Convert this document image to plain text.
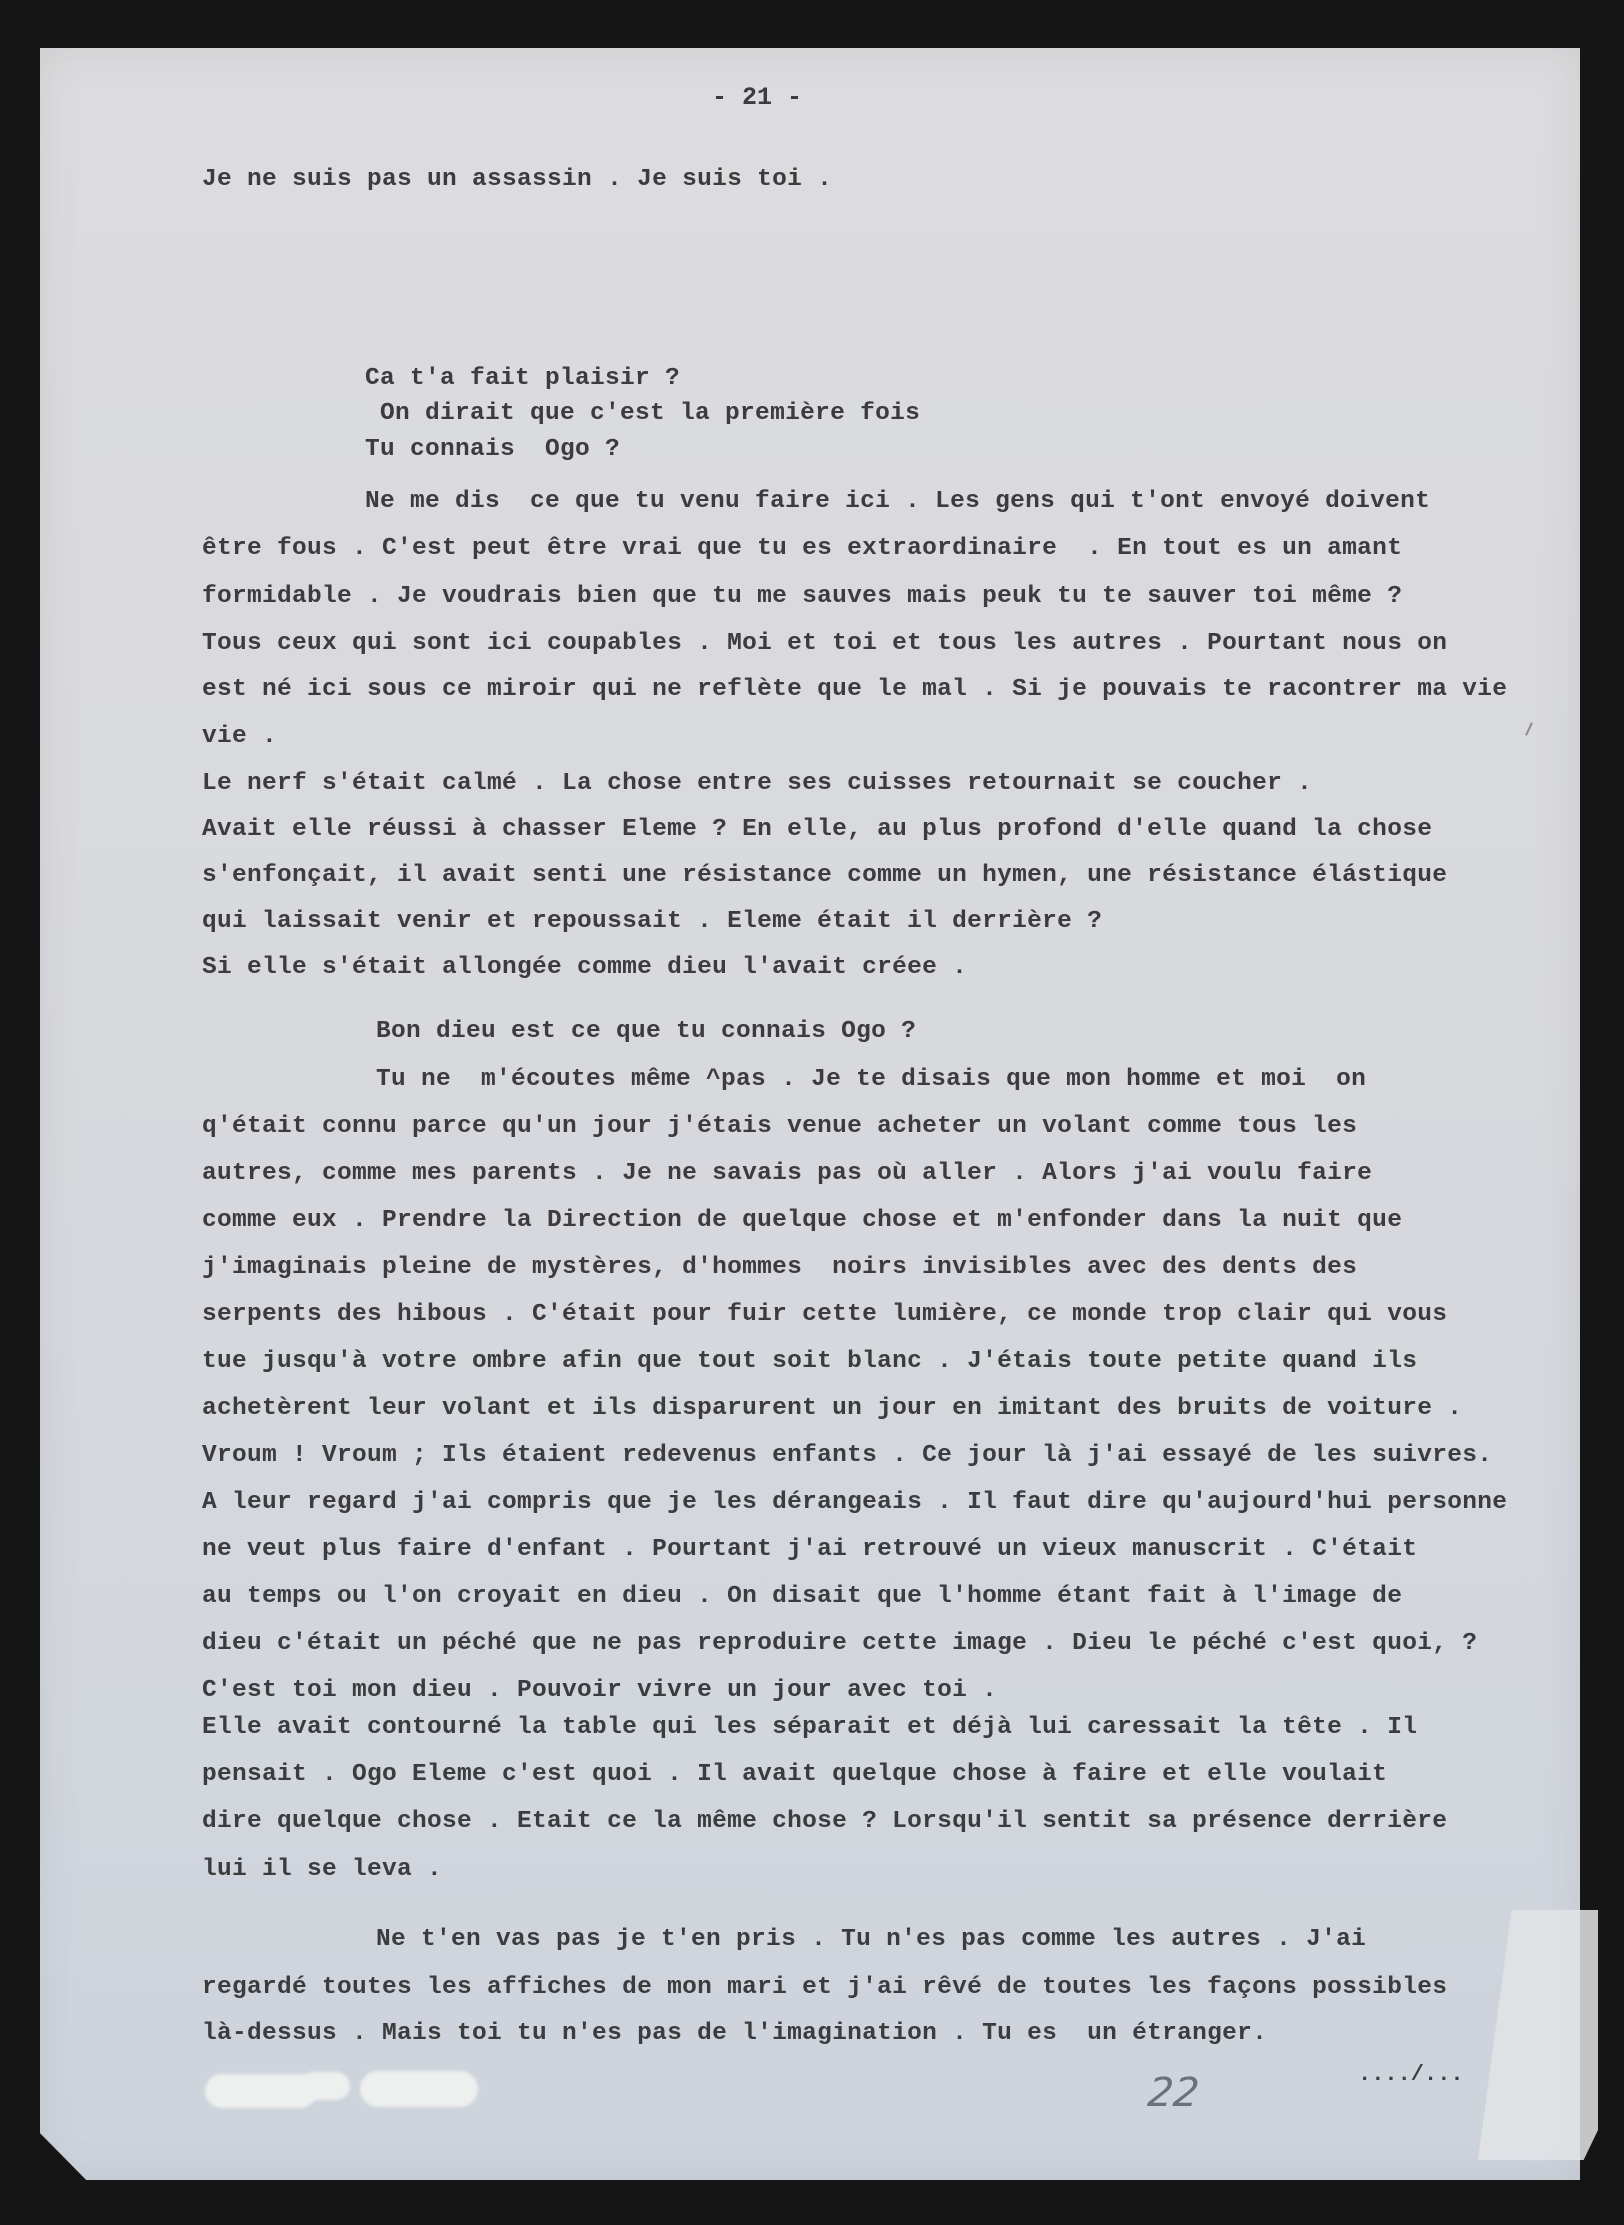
- 21 -
Je ne suis pas un assassin . Je suis toi .
Ca t'a fait plaisir ?
On dirait que c'est la première fois
Tu connais  Ogo ?
Ne me dis  ce que tu venu faire ici . Les gens qui t'ont envoyé doivent
être fous . C'est peut être vrai que tu es extraordinaire  . En tout es un amant
formidable . Je voudrais bien que tu me sauves mais peuk tu te sauver toi même ?
Tous ceux qui sont ici coupables . Moi et toi et tous les autres . Pourtant nous on
est né ici sous ce miroir qui ne reflète que le mal . Si je pouvais te racontrer ma vie
vie .
Le nerf s'était calmé . La chose entre ses cuisses retournait se coucher .
Avait elle réussi à chasser Eleme ? En elle, au plus profond d'elle quand la chose
s'enfonçait, il avait senti une résistance comme un hymen, une résistance élástique
qui laissait venir et repoussait . Eleme était il derrière ?
Si elle s'était allongée comme dieu l'avait créee .
Bon dieu est ce que tu connais Ogo ?
Tu ne  m'écoutes même ^pas . Je te disais que mon homme et moi  on
q'était connu parce qu'un jour j'étais venue acheter un volant comme tous les
autres, comme mes parents . Je ne savais pas où aller . Alors j'ai voulu faire
comme eux . Prendre la Direction de quelque chose et m'enfonder dans la nuit que
j'imaginais pleine de mystères, d'hommes  noirs invisibles avec des dents des
serpents des hibous . C'était pour fuir cette lumière, ce monde trop clair qui vous
tue jusqu'à votre ombre afin que tout soit blanc . J'étais toute petite quand ils
achetèrent leur volant et ils disparurent un jour en imitant des bruits de voiture .
Vroum ! Vroum ; Ils étaient redevenus enfants . Ce jour là j'ai essayé de les suivres.
A leur regard j'ai compris que je les dérangeais . Il faut dire qu'aujourd'hui personne
ne veut plus faire d'enfant . Pourtant j'ai retrouvé un vieux manuscrit . C'était
au temps ou l'on croyait en dieu . On disait que l'homme étant fait à l'image de
dieu c'était un péché que ne pas reproduire cette image . Dieu le péché c'est quoi, ?
C'est toi mon dieu . Pouvoir vivre un jour avec toi .
Elle avait contourné la table qui les séparait et déjà lui caressait la tête . Il
pensait . Ogo Eleme c'est quoi . Il avait quelque chose à faire et elle voulait
dire quelque chose . Etait ce la même chose ? Lorsqu'il sentit sa présence derrière
lui il se leva .
Ne t'en vas pas je t'en pris . Tu n'es pas comme les autres . J'ai
regardé toutes les affiches de mon mari et j'ai rêvé de toutes les façons possibles
là-dessus . Mais toi tu n'es pas de l'imagination . Tu es  un étranger.
22	..../...
